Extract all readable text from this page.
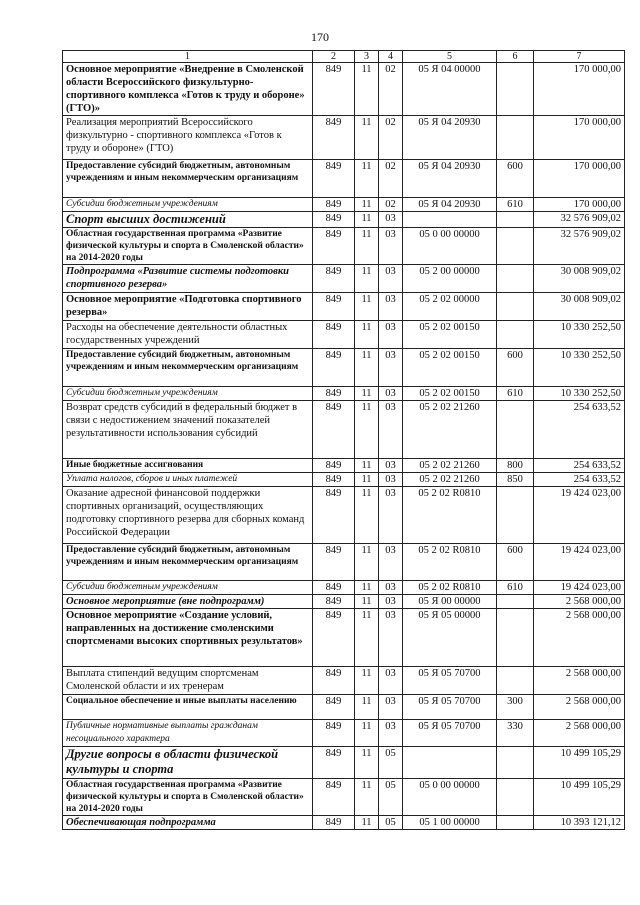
170
1	2	3	4	5	6	7
Основное мероприятие «Внедрение в Смоленской области Всероссийского физкультурно-спортивного комплекса «Готов к труду и обороне» (ГТО)»	849	11	02	05 Я 04 00000		170 000,00
Реализация мероприятий Всероссийского физкультурно - спортивного комплекса «Готов к труду и обороне» (ГТО)	849	11	02	05 Я 04 20930		170 000,00
Предоставление субсидий бюджетным, автономным учреждениям и иным некоммерческим организациям	849	11	02	05 Я 04 20930	600	170 000,00
Субсидии бюджетным учреждениям	849	11	02	05 Я 04 20930	610	170 000,00
Спорт высших достижений	849	11	03			32 576 909,02
Областная государственная программа «Развитие физической культуры и спорта в Смоленской области» на 2014-2020 годы	849	11	03	05 0 00 00000		32 576 909,02
Подпрограмма «Развитие системы подготовки спортивного резерва»	849	11	03	05 2 00 00000		30 008 909,02
Основное мероприятие «Подготовка спортивного резерва»	849	11	03	05 2 02 00000		30 008 909,02
Расходы на обеспечение деятельности областных государственных учреждений	849	11	03	05 2 02 00150		10 330 252,50
Предоставление субсидий бюджетным, автономным учреждениям и иным некоммерческим организациям	849	11	03	05 2 02 00150	600	10 330 252,50
Субсидии бюджетным учреждениям	849	11	03	05 2 02 00150	610	10 330 252,50
Возврат средств субсидий в федеральный бюджет в связи с недостижением значений показателей результативности использования субсидий	849	11	03	05 2 02 21260		254 633,52
Иные бюджетные ассигнования	849	11	03	05 2 02 21260	800	254 633,52
Уплата налогов, сборов и иных платежей	849	11	03	05 2 02 21260	850	254 633,52
Оказание адресной финансовой поддержки спортивных организаций, осуществляющих подготовку спортивного резерва для сборных команд Российской Федерации	849	11	03	05 2 02 R0810		19 424 023,00
Предоставление субсидий бюджетным, автономным учреждениям и иным некоммерческим организациям	849	11	03	05 2 02 R0810	600	19 424 023,00
Субсидии бюджетным учреждениям	849	11	03	05 2 02 R0810	610	19 424 023,00
Основное мероприятие (вне подпрограмм)	849	11	03	05 Я 00 00000		2 568 000,00
Основное мероприятие «Создание условий, направленных на достижение смоленскими спортсменами высоких спортивных результатов»	849	11	03	05 Я 05 00000		2 568 000,00
Выплата стипендий ведущим спортсменам Смоленской области и их тренерам	849	11	03	05 Я 05 70700		2 568 000,00
Социальное обеспечение и иные выплаты населению	849	11	03	05 Я 05 70700	300	2 568 000,00
Публичные нормативные выплаты гражданам несоциального характера	849	11	03	05 Я 05 70700	330	2 568 000,00
Другие вопросы в области физической культуры и спорта	849	11	05			10 499 105,29
Областная государственная программа «Развитие физической культуры и спорта в Смоленской области» на 2014-2020 годы	849	11	05	05 0 00 00000		10 499 105,29
Обеспечивающая подпрограмма	849	11	05	05 1 00 00000		10 393 121,12
